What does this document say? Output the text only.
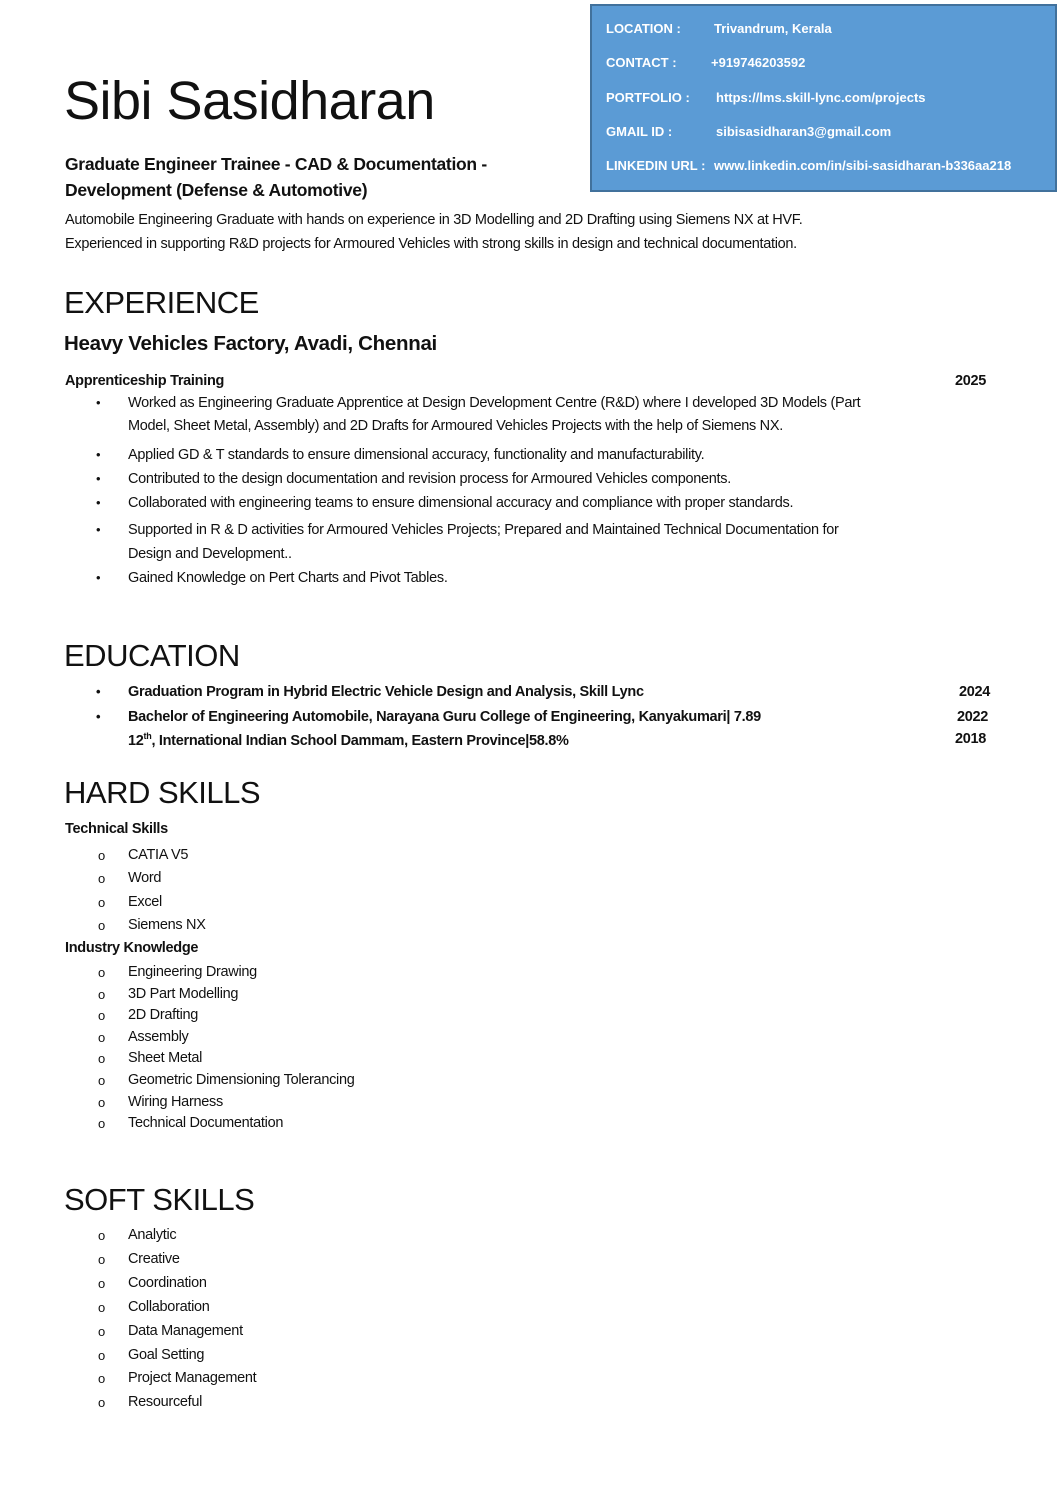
LOCATION :	Trivandrum, Kerala
CONTACT :	+919746203592
PORTFOLIO :	https://lms.skill-lync.com/projects
GMAIL ID :	sibisasidharan3@gmail.com
LINKEDIN URL : www.linkedin.com/in/sibi-sasidharan-b336aa218
Sibi Sasidharan
Graduate Engineer Trainee - CAD & Documentation - Development (Defense & Automotive)
Automobile Engineering Graduate with hands on experience in 3D Modelling and 2D Drafting using Siemens NX at HVF.
Experienced in supporting R&D projects for Armoured Vehicles with strong skills in design and technical documentation.
EXPERIENCE
Heavy Vehicles Factory, Avadi, Chennai
Apprenticeship Training	2025
• Worked as Engineering Graduate Apprentice at Design Development Centre (R&D) where I developed 3D Models (Part
Model, Sheet Metal, Assembly) and 2D Drafts for Armoured Vehicles Projects with the help of Siemens NX.
• Applied GD & T standards to ensure dimensional accuracy, functionality and manufacturability.
• Contributed to the design documentation and revision process for Armoured Vehicles components.
• Collaborated with engineering teams to ensure dimensional accuracy and compliance with proper standards.
• Supported in R & D activities for Armoured Vehicles Projects; Prepared and Maintained Technical Documentation for
Design and Development..
• Gained Knowledge on Pert Charts and Pivot Tables.
EDUCATION
• Graduation Program in Hybrid Electric Vehicle Design and Analysis, Skill Lync	2024
• Bachelor of Engineering Automobile, Narayana Guru College of Engineering, Kanyakumari| 7.89	2022
12th, International Indian School Dammam, Eastern Province|58.8%	2018
HARD SKILLS
Technical Skills
o CATIA V5
o Word
o Excel
o Siemens NX
Industry Knowledge
o Engineering Drawing
o 3D Part Modelling
o 2D Drafting
o Assembly
o Sheet Metal
o Geometric Dimensioning Tolerancing
o Wiring Harness
o Technical Documentation
SOFT SKILLS
o Analytic
o Creative
o Coordination
o Collaboration
o Data Management
o Goal Setting
o Project Management
o Resourceful
